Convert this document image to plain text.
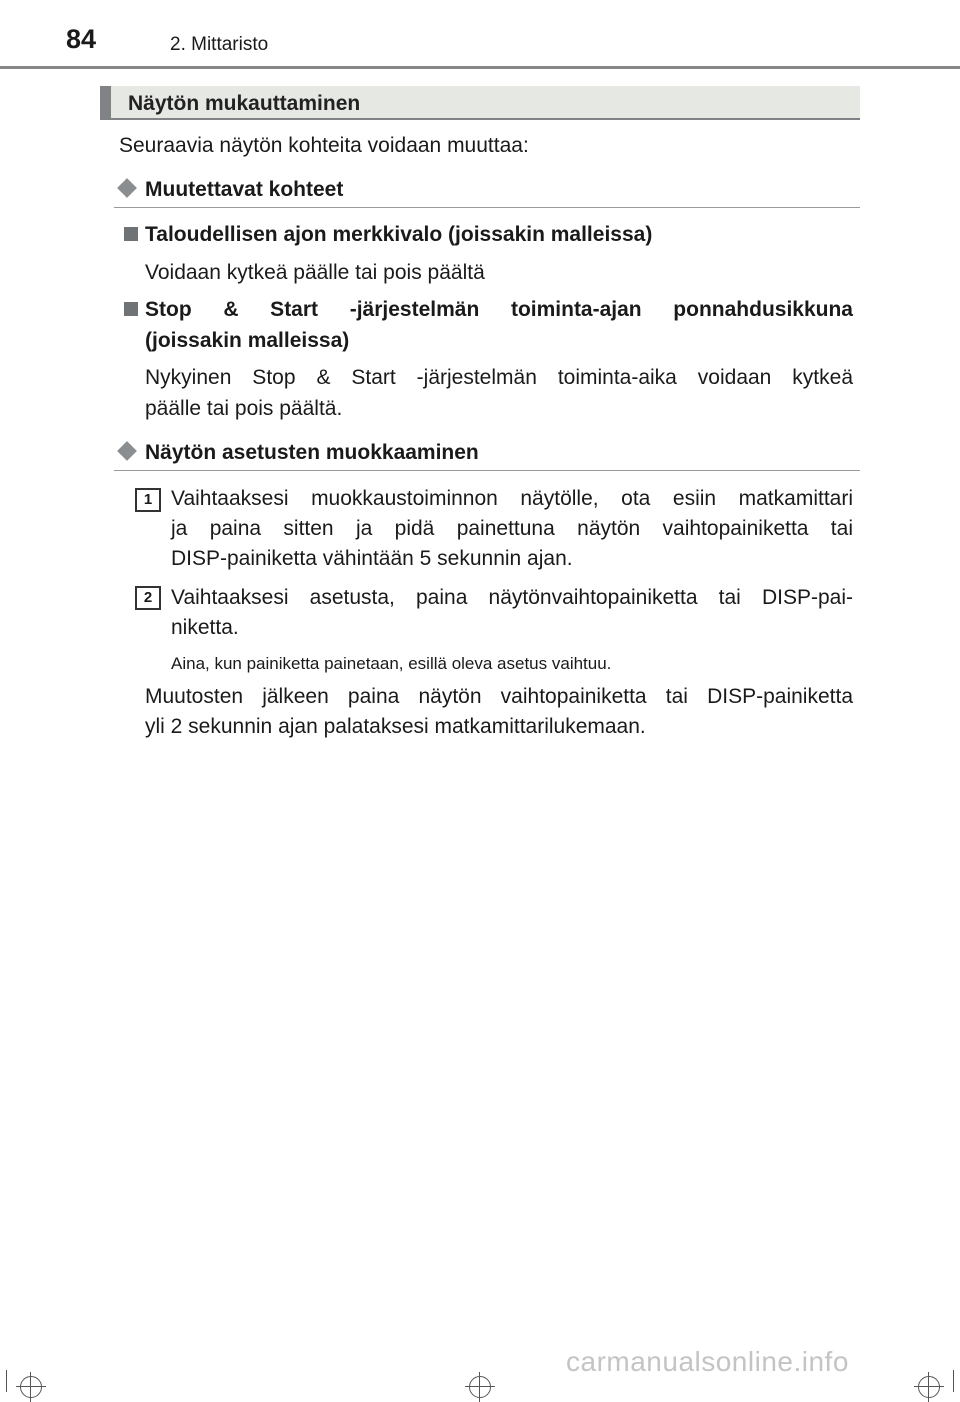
84	2. Mittaristo
Näytön mukauttaminen
Seuraavia näytön kohteita voidaan muuttaa:
Muutettavat kohteet
Taloudellisen ajon merkkivalo (joissakin malleissa)
Voidaan kytkeä päälle tai pois päältä
Stop & Start -järjestelmän toiminta-ajan ponnahdusikkuna
(joissakin malleissa)
Nykyinen Stop & Start -järjestelmän toiminta-aika voidaan kytkeä
päälle tai pois päältä.
Näytön asetusten muokkaaminen
1 Vaihtaaksesi muokkaustoiminnon näytölle, ota esiin matkamittari
ja paina sitten ja pidä painettuna näytön vaihtopainiketta tai
DISP-painiketta vähintään 5 sekunnin ajan.
2 Vaihtaaksesi asetusta, paina näytönvaihtopainiketta tai DISP-pai-
niketta.
Aina, kun painiketta painetaan, esillä oleva asetus vaihtuu.
Muutosten jälkeen paina näytön vaihtopainiketta tai DISP-painiketta
yli 2 sekunnin ajan palataksesi matkamittarilukemaan.
carmanualsonline.info
